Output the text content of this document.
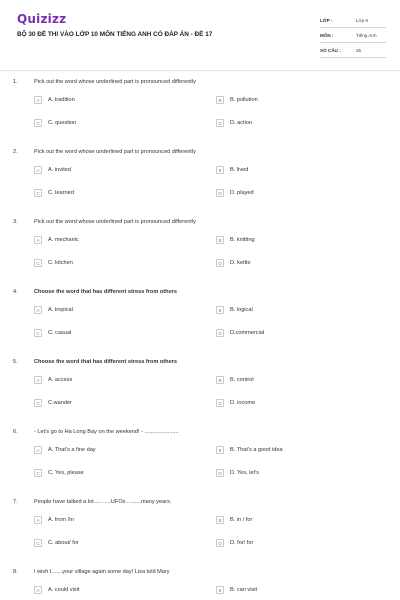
Quizizz
BỘ 30 ĐỀ THI VÀO LỚP 10 MÔN TIẾNG ANH CÓ ĐÁP ÁN - ĐỀ 17
LỚP :	Lớp 9
MÔN :	Tiếng Anh
SỐ CÂU :	25
1.	Pick out the word whose underlined part is pronounced differently
A	A. tradition	B	B. pollution
C	C. question	D	D. action
2.	Pick out the word whose underlined part is pronounced differently
A	A. invited	B	B. lived
C	C. learned	D	D. played
3.	Pick out the word whose underlined part is pronounced differently
A	A. mechanic	B	B. knitting
C	C. kitchen	D	D. kettle
4.	Choose the word that has different stress from others
A	A. tropical	B	B. logical
C	C. casual	D	D.commercial
5.	Choose the word that has different stress from others
A	A. access	B	B. control
C	C.wander	D	D. income
6.	- Let's go to Ha Long Bay on the weekend! - ......................
A	A. That's a fine day	B	B. That's a good idea
C	C. Yes, please	D	D. Yes, let's
7.	People have talked a lot...... ....UFOs .........many years.
A	A. from /In	B	B. in / for
C	C. about/ for	D	D. for/ for
8.	I wish I.......your village again some day! Lisa told Mary
A	A. could visit	B	B. can visit
